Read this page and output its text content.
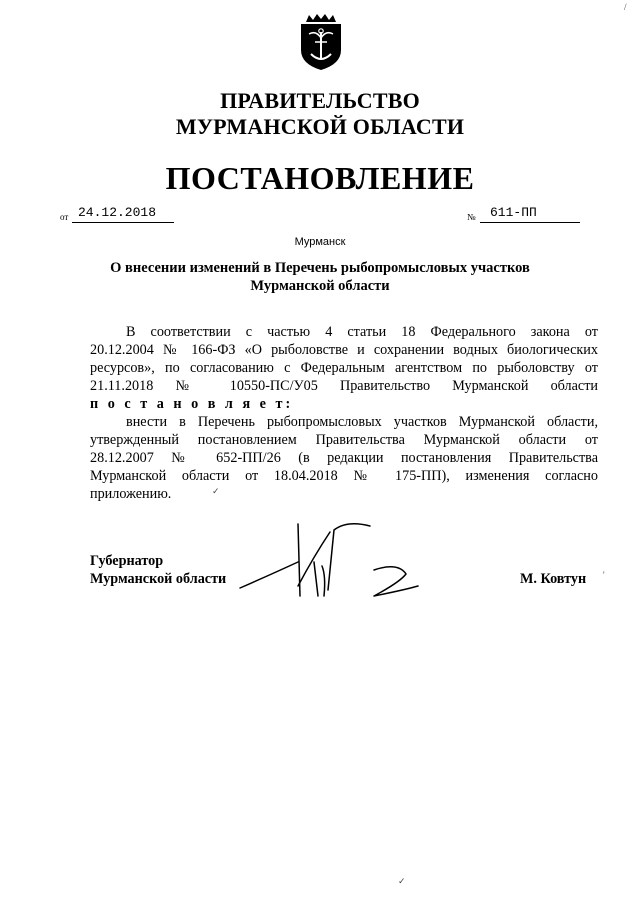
ПРАВИТЕЛЬСТВО
МУРМАНСКОЙ ОБЛАСТИ
ПОСТАНОВЛЕНИЕ
от 24.12.2018	№ 611-ПП
Мурманск
О внесении изменений в Перечень рыбопромысловых участков
Мурманской области
В соответствии с частью 4 статьи 18 Федерального закона от
20.12.2004 № 166-ФЗ «О рыболовстве и сохранении водных биологических
ресурсов», по согласованию с Федеральным агентством по рыболовству от
21.11.2018 № 10550-ПС/У05 Правительство Мурманской области
п о с т а н о в л я е т:
внести в Перечень рыбопромысловых участков Мурманской области,
утвержденный постановлением Правительства Мурманской области от
28.12.2007 № 652-ПП/26 (в редакции постановления Правительства
Мурманской области от 18.04.2018 № 175-ПП), изменения согласно
приложению.
Губернатор
Мурманской области	М. Ковтун
✓
'
✓
/
